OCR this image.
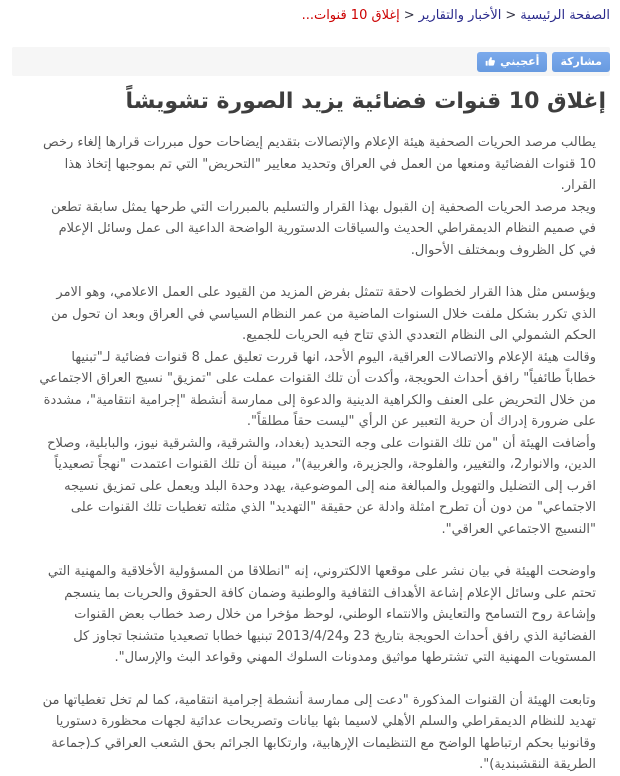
الصفحة الرئيسية>الأخبار والتقارير>إغلاق 10 قنوات...
أعجبني مشاركة
إغلاق 10 قنوات فضائية يزيد الصورة تشويشاً

يطالب مرصد الحريات الصحفية هيئة الإعلام والإتصالات بتقديم إيضاحات حول مبررات قرارها إلغاء رخص 10 قنوات الفضائية ومنعها من العمل في العراق وتحديد معايير "التحريض" التي تم بموجبها إتخاذ هذا القرار.

ويجد مرصد الحريات الصحفية إن القبول بهذا القرار والتسليم بالمبررات التي طرحها يمثل سابقة تطعن في صميم النظام الديمقراطي الحديث والسياقات الدستورية الواضحة الداعية الى عمل وسائل الإعلام في كل الظروف وبمختلف الأحوال.

ويؤسس مثل هذا القرار لخطوات لاحقة تتمثل بفرض المزيد من القيود على العمل الاعلامي، وهو الامر الذي تكرر بشكل ملفت خلال السنوات الماضية من عمر النظام السياسي في العراق وبعد ان تحول من الحكم الشمولي الى النظام التعددي الذي تتاح فيه الحريات للجميع.

وقالت هيئة الإعلام والاتصالات العراقية، اليوم الأحد، انها قررت تعليق عمل 8 قنوات فضائية لـ"تبنيها خطاباً طائفياً" رافق أحداث الحويجة، وأكدت أن تلك القنوات عملت على "تمزيق" نسيج العراق الاجتماعي من خلال التحريض على العنف والكراهية الدينية والدعوة إلى ممارسة أنشطة "إجرامية انتقامية"، مشددة على ضرورة إدراك أن حرية التعبير عن الرأي "ليست حقاً مطلقاً".

وأضافت الهيئة أن "من تلك القنوات على وجه التحديد (بغداد، والشرقية، والشرقية نيوز، والبابلية، وصلاح الدين، والانوار2، والتغيير، والفلوجة، والجزيرة، والغربية)"، مبينة أن تلك القنوات اعتمدت "نهجاً تصعيدياً اقرب إلى التضليل والتهويل والمبالغة منه إلى الموضوعية، يهدد وحدة البلد ويعمل على تمزيق نسيجه الاجتماعي" من دون أن تطرح امثلة وادلة عن حقيقة "التهديد" الذي مثلته تغطيات تلك القنوات على "النسيج الاجتماعي العراقي".

واوضحت الهيئة في بيان نشر على موقعها الالكتروني، إنه "انطلاقا من المسؤولية الأخلاقية والمهنية التي تحتم على وسائل الإعلام إشاعة الأهداف الثقافية والوطنية وضمان كافة الحقوق والحريات بما ينسجم وإشاعة روح التسامح والتعايش والانتماء الوطني، لوحظ مؤخرا من خلال رصد خطاب بعض القنوات الفضائية الذي رافق أحداث الحويجة بتاريخ 23 و2013/4/24 تبنيها خطابا تصعيديا متشنجا تجاوز كل المستويات المهنية التي تشترطها مواثيق ومدونات السلوك المهني وقواعد البث والإرسال".

وتابعت الهيئة أن القنوات المذكورة "دعت إلى ممارسة أنشطة إجرامية انتقامية، كما لم تخل تغطياتها من تهديد للنظام الديمقراطي والسلم الأهلي لاسيما بثها بيانات وتصريحات عدائية لجهات محظورة دستوريا وقانونيا بحكم ارتباطها الواضح مع التنظيمات الإرهابية، وارتكابها الجرائم بحق الشعب العراقي كـ(جماعة الطريقة النقشبندية)".
